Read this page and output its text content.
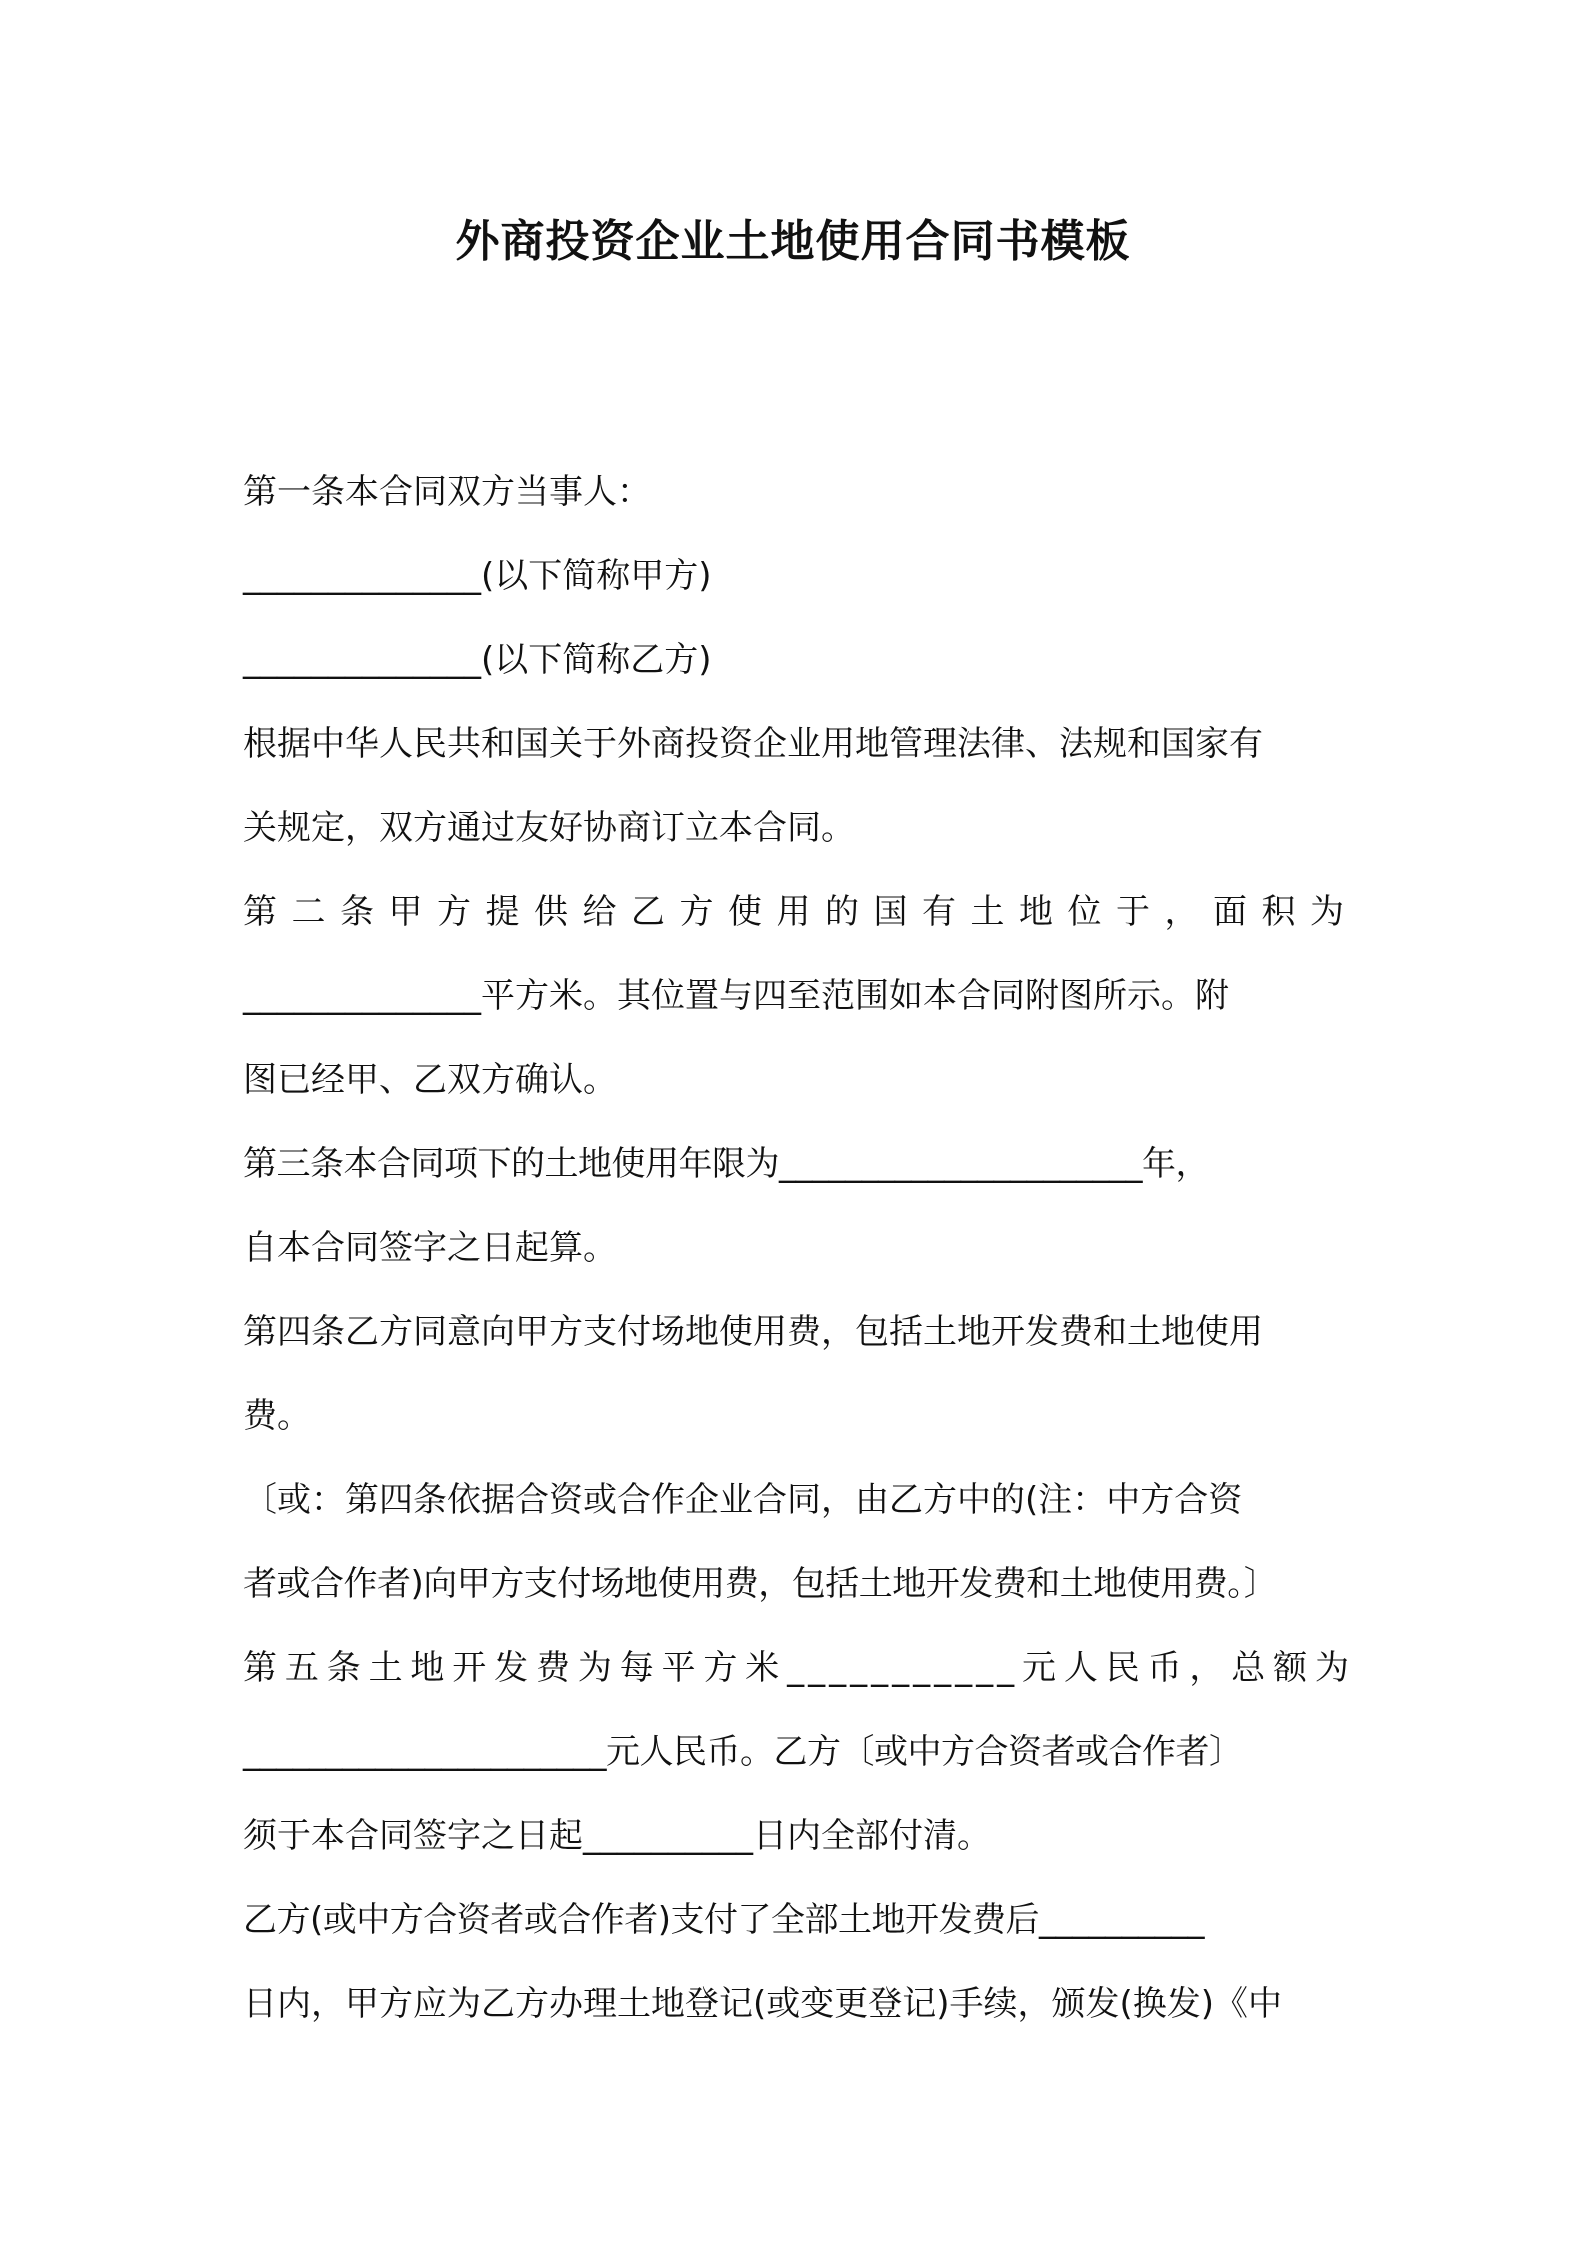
外商投资企业土地使用合同书模板
第一条本合同双方当事人：
______________(以下简称甲方)
______________(以下简称乙方)
根据中华人民共和国关于外商投资企业用地管理法律、法规和国家有
关规定，双方通过友好协商订立本合同。
第二条甲方提供给乙方使用的国有土地位于，面积为
______________平方米。其位置与四至范围如本合同附图所示。附
图已经甲、乙双方确认。
第三条本合同项下的土地使用年限为______________________年，
自本合同签字之日起算。
第四条乙方同意向甲方支付场地使用费，包括土地开发费和土地使用
费。
〔或：第四条依据合资或合作企业合同，由乙方中的(注：中方合资
者或合作者)向甲方支付场地使用费，包括土地开发费和土地使用费。〕
第五条土地开发费为每平方米___________元人民币，总额为
______________________元人民币。乙方〔或中方合资者或合作者〕
须于本合同签字之日起__________日内全部付清。
乙方(或中方合资者或合作者)支付了全部土地开发费后__________
日内，甲方应为乙方办理土地登记(或变更登记)手续，颁发(换发)《中
